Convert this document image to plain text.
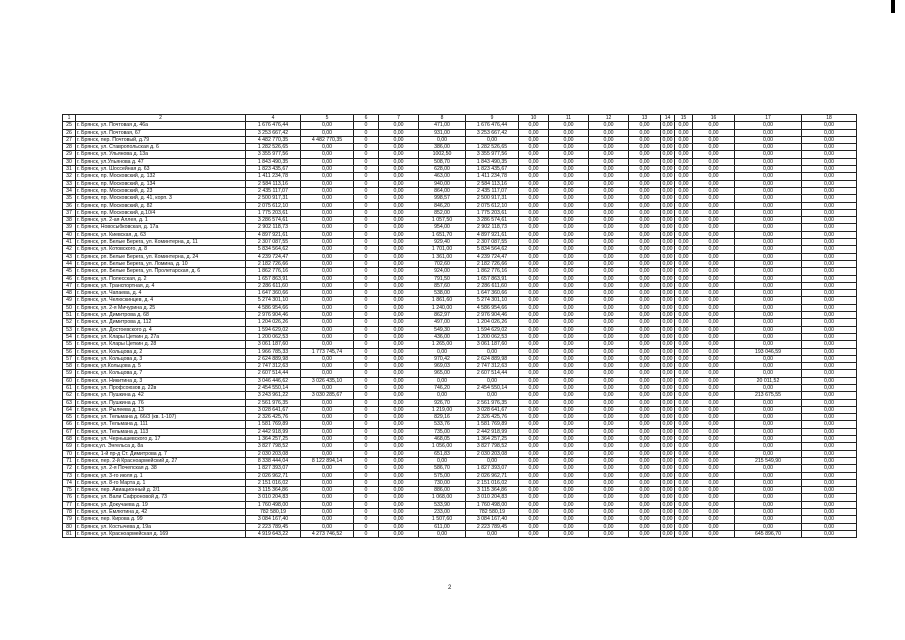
1	2	4	5	6	7	8	9	10	11	12	13	14	15	16	17	18
25	г. Брянск, ул. Почтовая д. 46а	1 676 476,44	0,00	0	0,00	471,00	1 676 476,44	0,00	0,00	0,00	0,00	0,00	0,00	0,00	0,00	0,00
26	г. Брянск, ул. Почтовая, 67	3 253 667,42	0,00	0	0,00	931,00	3 253 667,42	0,00	0,00	0,00	0,00	0,00	0,00	0,00	0,00	0,00
27	г. Брянск, пер. Почтовый, д.79	4 482 770,35	4 482 770,35	0	0,00	0,00	0,00	0,00	0,00	0,00	0,00	0,00	0,00	0,00	0,00	0,00
28	г. Брянск, ул. Ставропольская д. 6	1 282 526,65	0,00	0	0,00	386,00	1 282 526,65	0,00	0,00	0,00	0,00	0,00	0,00	0,00	0,00	0,00
29	г. Брянск, ул. Ульянова д. 13а	3 355 977,56	0,00	0	0,00	1002,50	3 355 977,56	0,00	0,00	0,00	0,00	0,00	0,00	0,00	0,00	0,00
30	г. Брянск, ул.Ульянова д. 47	1 843 490,35	0,00	0	0,00	508,70	1 843 490,35	0,00	0,00	0,00	0,00	0,00	0,00	0,00	0,00	0,00
31	г. Брянск, ул. Шоссейная д. 63	1 823 435,67	0,00	0	0,00	628,00	1 823 435,67	0,00	0,00	0,00	0,00	0,00	0,00	0,00	0,00	0,00
32	г. Брянск, пр. Московский, д. 132	1 411 234,78	0,00	0	0,00	463,00	1 411 234,78	0,00	0,00	0,00	0,00	0,00	0,00	0,00	0,00	0,00
33	г. Брянск, пр. Московский, д. 134	2 584 113,16	0,00	0	0,00	940,00	2 584 113,16	0,00	0,00	0,00	0,00	0,00	0,00	0,00	0,00	0,00
34	г. Брянск, пр. Московский, д. 23	2 435 117,07	0,00	0	0,00	864,00	2 435 117,07	0,00	0,00	0,00	0,00	0,00	0,00	0,00	0,00	0,00
35	г. Брянск, пр. Московский, д. 41, корп. 3	2 500 917,31	0,00	0	0,00	998,57	2 500 917,31	0,00	0,00	0,00	0,00	0,00	0,00	0,00	0,00	0,00
36	г. Брянск, пр. Московский, д. 82	2 075 612,10	0,00	0	0,00	846,20	2 075 612,10	0,00	0,00	0,00	0,00	0,00	0,00	0,00	0,00	0,00
37	г. Брянск, пр. Московский, д.10/4	1 775 203,61	0,00	0	0,00	852,00	1 775 203,61	0,00	0,00	0,00	0,00	0,00	0,00	0,00	0,00	0,00
38	г. Брянск, ул. 2-ая Аллея, д. 1	3 286 574,61	0,00	0	0,00	1 057,50	3 286 574,61	0,00	0,00	0,00	0,00	0,00	0,00	0,00	0,00	0,00
39	г. Брянск, Новосыбковская, д. 17а	2 902 118,73	0,00	0	0,00	954,00	2 902 118,73	0,00	0,00	0,00	0,00	0,00	0,00	0,00	0,00	0,00
40	г. Брянск, ул. Киевская, д. 63	4 897 921,61	0,00	0	0,00	1 651,70	4 897 921,61	0,00	0,00	0,00	0,00	0,00	0,00	0,00	0,00	0,00
41	г. Брянск, рп. Белые Берега, ул. Коминтерна, д. 11	2 307 087,55	0,00	0	0,00	929,40	2 307 087,55	0,00	0,00	0,00	0,00	0,00	0,00	0,00	0,00	0,00
42	г. Брянск, ул. Котовского, д. 8	5 834 564,62	0,00	0	0,00	1 701,00	5 834 564,62	0,00	0,00	0,00	0,00	0,00	0,00	0,00	0,00	0,00
43	г. Брянск, рп. Белые Берега, ул. Коминтерна, д. 24	4 239 724,47	0,00	0	0,00	1 361,00	4 239 724,47	0,00	0,00	0,00	0,00	0,00	0,00	0,00	0,00	0,00
44	г. Брянск, рп. Белые Берега, ул. Ломина, д. 10	2 182 726,66	0,00	0	0,00	702,60	2 182 726,66	0,00	0,00	0,00	0,00	0,00	0,00	0,00	0,00	0,00
45	г. Брянск, рп. Белые Берега, ул. Пролетарская, д. 6	1 862 776,16	0,00	0	0,00	924,00	1 862 776,16	0,00	0,00	0,00	0,00	0,00	0,00	0,00	0,00	0,00
46	г. Брянск, ул. Полесская, д. 2	1 657 863,91	0,00	0	0,00	791,50	1 657 863,91	0,00	0,00	0,00	0,00	0,00	0,00	0,00	0,00	0,00
47	г. Брянск, ул. Транспортная, д. 4	2 286 611,60	0,00	0	0,00	857,60	2 286 611,60	0,00	0,00	0,00	0,00	0,00	0,00	0,00	0,00	0,00
48	г. Брянск, ул. Чапаева, д. 4	1 647 360,66	0,00	0	0,00	538,00	1 647 360,66	0,00	0,00	0,00	0,00	0,00	0,00	0,00	0,00	0,00
49	г. Брянск, ул. Челюскинцев, д. 4	5 274 301,10	0,00	0	0,00	1 861,60	5 274 301,10	0,00	0,00	0,00	0,00	0,00	0,00	0,00	0,00	0,00
50	г. Брянск, ул. 2-я Мичурина д. 25	4 586 954,66	0,00	0	0,00	1 240,00	4 586 954,66	0,00	0,00	0,00	0,00	0,00	0,00	0,00	0,00	0,00
51	г. Брянск, ул. Димитрова д. 68	2 976 904,46	0,00	0	0,00	862,97	2 976 904,46	0,00	0,00	0,00	0,00	0,00	0,00	0,00	0,00	0,00
52	г. Брянск, ул. Димитрова д. 112	1 204 026,26	0,00	0	0,00	497,00	1 204 026,26	0,00	0,00	0,00	0,00	0,00	0,00	0,00	0,00	0,00
53	г. Брянск, ул. Достоевского д. 4	1 594 629,02	0,00	0	0,00	549,30	1 594 629,02	0,00	0,00	0,00	0,00	0,00	0,00	0,00	0,00	0,00
54	г. Брянск, ул. Клары Цеткин д. 27а	1 200 062,53	0,00	0	0,00	436,00	1 200 062,53	0,00	0,00	0,00	0,00	0,00	0,00	0,00	0,00	0,00
55	г. Брянск, ул. Клары Цеткин д. 28	3 061 187,60	0,00	0	0,00	1 265,00	3 061 187,60	0,00	0,00	0,00	0,00	0,00	0,00	0,00	0,00	0,00
56	г. Брянск, ул. Кольцова д. 2	1 966 785,33	1 773 745,74	0	0,00	0,00	0,00	0,00	0,00	0,00	0,00	0,00	0,00	0,00	193 046,59	0,00
57	г. Брянск, ул. Кольцова д. 3	2 624 889,98	0,00	0	0,00	970,42	2 624 889,98	0,00	0,00	0,00	0,00	0,00	0,00	0,00	0,00	0,00
58	г. Брянск, ул.Кольцова д. 5	2 747 312,63	0,00	0	0,00	969,03	2 747 312,63	0,00	0,00	0,00	0,00	0,00	0,00	0,00	0,00	0,00
59	г. Брянск, ул. Кольцова д. 7	2 607 514,44	0,00	0	0,00	965,00	2 607 514,44	0,00	0,00	0,00	0,00	0,00	0,00	0,00	0,00	0,00
60	г. Брянск, ул. Никитина д. 3	3 046 446,62	3 026 435,10	0	0,00	0,00	0,00	0,00	0,00	0,00	0,00	0,00	0,00	0,00	20 011,52	0,00
61	г. Брянск, ул. Профсоюзов д. 22в	2 454 550,14	0,00	0	0,00	746,20	2 454 550,14	0,00	0,00	0,00	0,00	0,00	0,00	0,00	0,00	0,00
62	г. Брянск, ул. Пушкина д. 42	3 243 961,22	3 030 285,67	0	0,00	0,00	0,00	0,00	0,00	0,00	0,00	0,00	0,00	0,00	213 675,55	0,00
63	г. Брянск, ул. Пушкина д. 76	2 561 976,35	0,00	0	0,00	926,70	2 561 976,35	0,00	0,00	0,00	0,00	0,00	0,00	0,00	0,00	0,00
64	г. Брянск, ул. Рылеева д. 13	3 028 641,67	0,00	0	0,00	1 219,00	3 028 641,67	0,00	0,00	0,00	0,00	0,00	0,00	0,00	0,00	0,00
65	г. Брянск, ул. Тельмана д. 66/3 (кв. 1-107)	2 326 425,76	0,00	0	0,00	829,16	2 326 425,76	0,00	0,00	0,00	0,00	0,00	0,00	0,00	0,00	0,00
66	г. Брянск, ул. Тельмана д. 111	1 581 769,89	0,00	0	0,00	533,76	1 581 769,89	0,00	0,00	0,00	0,00	0,00	0,00	0,00	0,00	0,00
67	г. Брянск, ул. Тельмана д. 113	2 442 918,99	0,00	0	0,00	735,00	2 442 918,99	0,00	0,00	0,00	0,00	0,00	0,00	0,00	0,00	0,00
68	г. Брянск, ул. Чернышевского д. 17	1 364 257,25	0,00	0	0,00	468,05	1 364 257,25	0,00	0,00	0,00	0,00	0,00	0,00	0,00	0,00	0,00
69	г. Брянск,ул. Энгельса д. 8а	3 827 798,52	0,00	0	0,00	1 056,00	3 827 798,52	0,00	0,00	0,00	0,00	0,00	0,00	0,00	0,00	0,00
70	г. Брянск, 1-й пр-д Ст. Димитрова д. 7	2 030 203,08	0,00	0	0,00	651,83	2 030 203,08	0,00	0,00	0,00	0,00	0,00	0,00	0,00	0,00	0,00
71	г. Брянск, пер. 2-й Красноармейский д. 27	8 338 444,04	8 122 894,14	0	0,00	0,00	0,00	0,00	0,00	0,00	0,00	0,00	0,00	0,00	215 549,90	0,00
72	г. Брянск, ул. 2-я Почепская д. 38	1 827 393,07	0,00	0	0,00	586,70	1 827 393,07	0,00	0,00	0,00	0,00	0,00	0,00	0,00	0,00	0,00
73	г. Брянск, ул. 3-го июля д. 1	2 026 962,71	0,00	0	0,00	575,00	2 026 962,71	0,00	0,00	0,00	0,00	0,00	0,00	0,00	0,00	0,00
74	г. Брянск, ул. 8-го Марта д. 1	2 151 016,02	0,00	0	0,00	730,00	2 151 016,02	0,00	0,00	0,00	0,00	0,00	0,00	0,00	0,00	0,00
75	г. Брянск, пер. Авиационный д. 2/1	3 115 364,86	0,00	0	0,00	886,00	3 115 364,86	0,00	0,00	0,00	0,00	0,00	0,00	0,00	0,00	0,00
76	г. Брянск, ул. Вали Сафроновой д. 73	3 010 204,83	0,00	0	0,00	1 068,00	3 010 204,83	0,00	0,00	0,00	0,00	0,00	0,00	0,00	0,00	0,00
77	г. Брянск, ул. Докучаева д. 19	1 760 498,00	0,00	0	0,00	533,90	1 760 498,00	0,00	0,00	0,00	0,00	0,00	0,00	0,00	0,00	0,00
78	г. Брянск, ул. Емлютина д. 42	782 580,19	0,00	0	0,00	233,00	782 580,19	0,00	0,00	0,00	0,00	0,00	0,00	0,00	0,00	0,00
79	г. Брянск, пер. Кирова д. 99	3 084 167,40	0,00	0	0,00	1 507,60	3 084 167,40	0,00	0,00	0,00	0,00	0,00	0,00	0,00	0,00	0,00
80	г. Брянск, ул. Костычева д. 19а	2 223 789,45	0,00	0	0,00	611,00	2 223 789,45	0,00	0,00	0,00	0,00	0,00	0,00	0,00	0,00	0,00
81	г. Брянск, ул. Красноармейская д. 169	4 919 643,22	4 273 746,52	0	0,00	0,00	0,00	0,00	0,00	0,00	0,00	0,00	0,00	0,00	645 896,70	0,00
2
